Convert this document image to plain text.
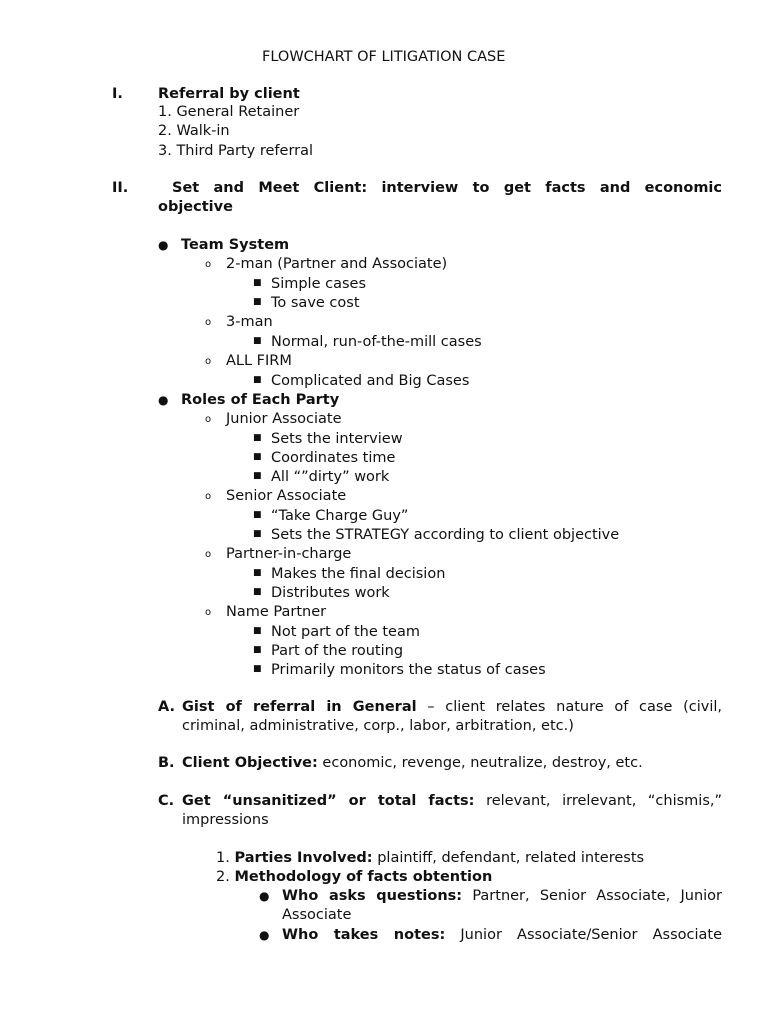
FLOWCHART OF LITIGATION CASE
I. Referral by client
1. General Retainer
2. Walk-in
3. Third Party referral
II.	Set and Meet Client: interview to get facts and economic
objective
● Team System
o 2-man (Partner and Associate)
■ Simple cases
■ To save cost
o 3-man
■ Normal, run-of-the-mill cases
o ALL FIRM
■ Complicated and Big Cases
● Roles of Each Party
o Junior Associate
■ Sets the interview
■ Coordinates time
■ All “”dirty” work
o Senior Associate
■ “Take Charge Guy”
■ Sets the STRATEGY according to client objective
o Partner-in-charge
■ Makes the final decision
■ Distributes work
o Name Partner
■ Not part of the team
■ Part of the routing
■ Primarily monitors the status of cases
A. Gist of referral in General – client relates nature of case (civil,
criminal, administrative, corp., labor, arbitration, etc.)
B. Client Objective: economic, revenge, neutralize, destroy, etc.
C. Get “unsanitized” or total facts: relevant, irrelevant, “chismis,”
impressions
1. Parties Involved: plaintiff, defendant, related interests
2. Methodology of facts obtention
● Who asks questions: Partner, Senior Associate, Junior
Associate
● Who takes notes: Junior Associate/Senior Associate
